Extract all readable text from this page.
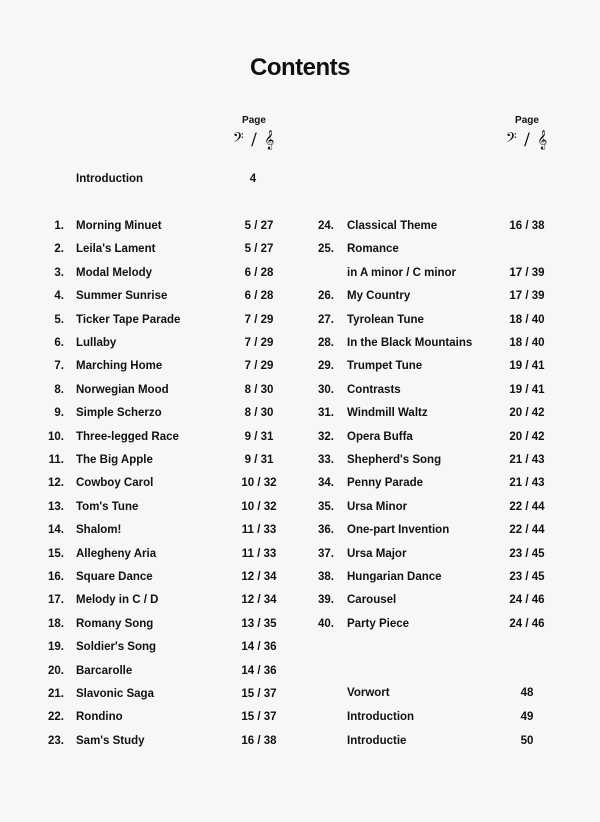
Contents
Page
𝄢 / 𝄞
Page
𝄢 / 𝄞
Introduction	4
1. Morning Minuet	5 / 27
2. Leila's Lament	5 / 27
3. Modal Melody	6 / 28
4. Summer Sunrise	6 / 28
5. Ticker Tape Parade	7 / 29
6. Lullaby	7 / 29
7. Marching Home	7 / 29
8. Norwegian Mood	8 / 30
9. Simple Scherzo	8 / 30
10. Three-legged Race	9 / 31
11. The Big Apple	9 / 31
12. Cowboy Carol	10 / 32
13. Tom's Tune	10 / 32
14. Shalom!	11 / 33
15. Allegheny Aria	11 / 33
16. Square Dance	12 / 34
17. Melody in C / D	12 / 34
18. Romany Song	13 / 35
19. Soldier's Song	14 / 36
20. Barcarolle	14 / 36
21. Slavonic Saga	15 / 37
22. Rondino	15 / 37
23. Sam's Study	16 / 38
24. Classical Theme	16 / 38
25. Romance
in A minor / C minor	17 / 39
26. My Country	17 / 39
27. Tyrolean Tune	18 / 40
28. In the Black Mountains	18 / 40
29. Trumpet Tune	19 / 41
30. Contrasts	19 / 41
31. Windmill Waltz	20 / 42
32. Opera Buffa	20 / 42
33. Shepherd's Song	21 / 43
34. Penny Parade	21 / 43
35. Ursa Minor	22 / 44
36. One-part Invention	22 / 44
37. Ursa Major	23 / 45
38. Hungarian Dance	23 / 45
39. Carousel	24 / 46
40. Party Piece	24 / 46
Vorwort	48
Introduction	49
Introductie	50
